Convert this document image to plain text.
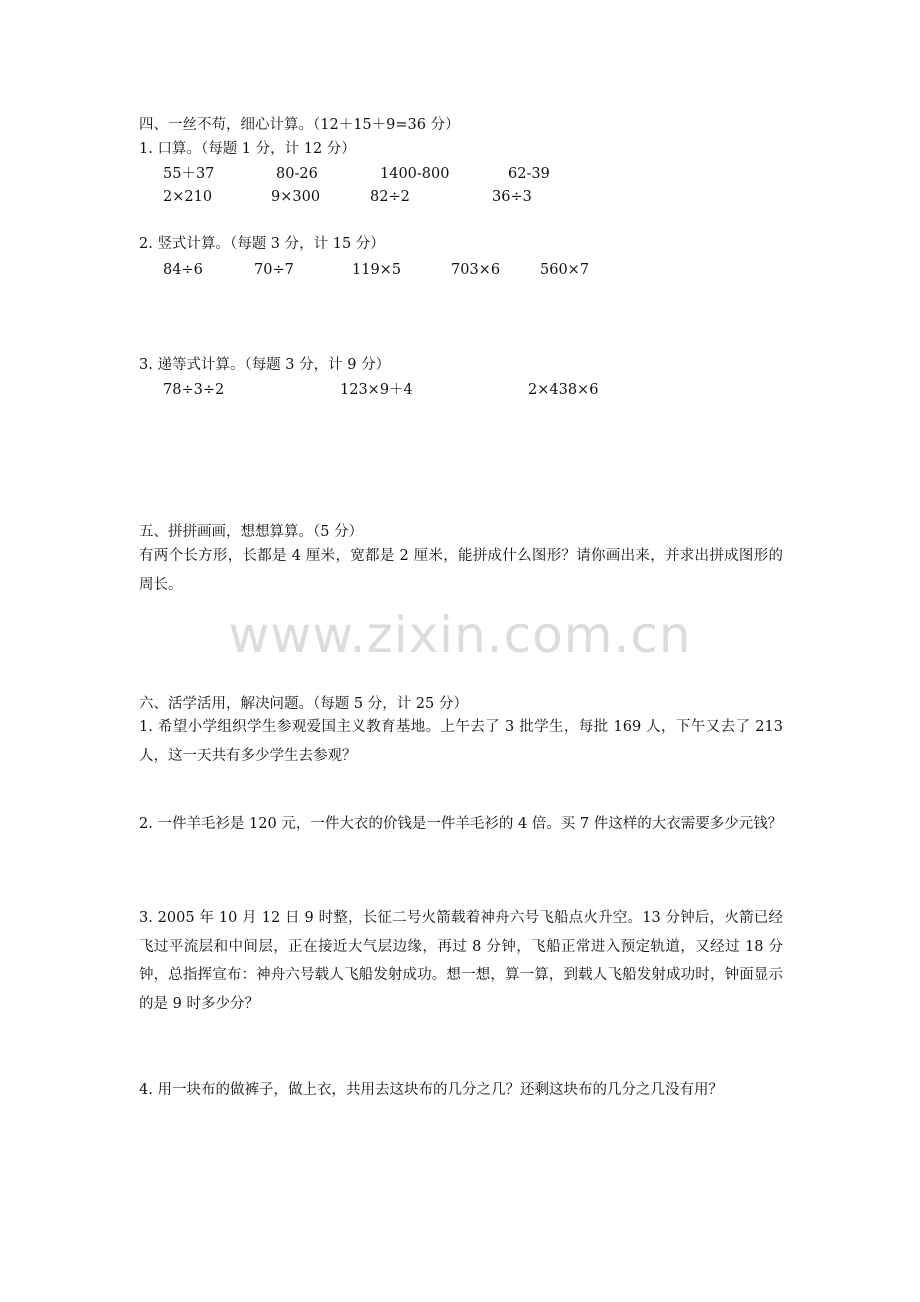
四、一丝不苟，细心计算。（12＋15＋9=36 分）
1. 口算。（每题 1 分，计 12 分）
55＋37	80-26	1400-800	62-39
2×210	9×300	82÷2	36÷3
2. 竖式计算。（每题 3 分，计 15 分）
84÷6	70÷7	119×5	703×6	560×7
3. 递等式计算。（每题 3 分，计 9 分）
78÷3÷2	123×9＋4	2×438×6
五、拼拼画画，想想算算。（5 分）
有两个长方形，长都是 4 厘米，宽都是 2 厘米，能拼成什么图形？请你画出来，并求出拼成图形的周长。
www.zixin.com.cn
六、活学活用，解决问题。（每题 5 分，计 25 分）
1. 希望小学组织学生参观爱国主义教育基地。上午去了 3 批学生，每批 169 人，下午又去了 213 人，这一天共有多少学生去参观？
2. 一件羊毛衫是 120 元，一件大衣的价钱是一件羊毛衫的 4 倍。买 7 件这样的大衣需要多少元钱？
3. 2005 年 10 月 12 日 9 时整，长征二号火箭载着神舟六号飞船点火升空。13 分钟后，火箭已经飞过平流层和中间层，正在接近大气层边缘，再过 8 分钟，飞船正常进入预定轨道，又经过 18 分钟，总指挥宣布：神舟六号载人飞船发射成功。想一想，算一算，到载人飞船发射成功时，钟面显示的是 9 时多少分？
4. 用一块布的做裤子，做上衣，共用去这块布的几分之几？还剩这块布的几分之几没有用？
